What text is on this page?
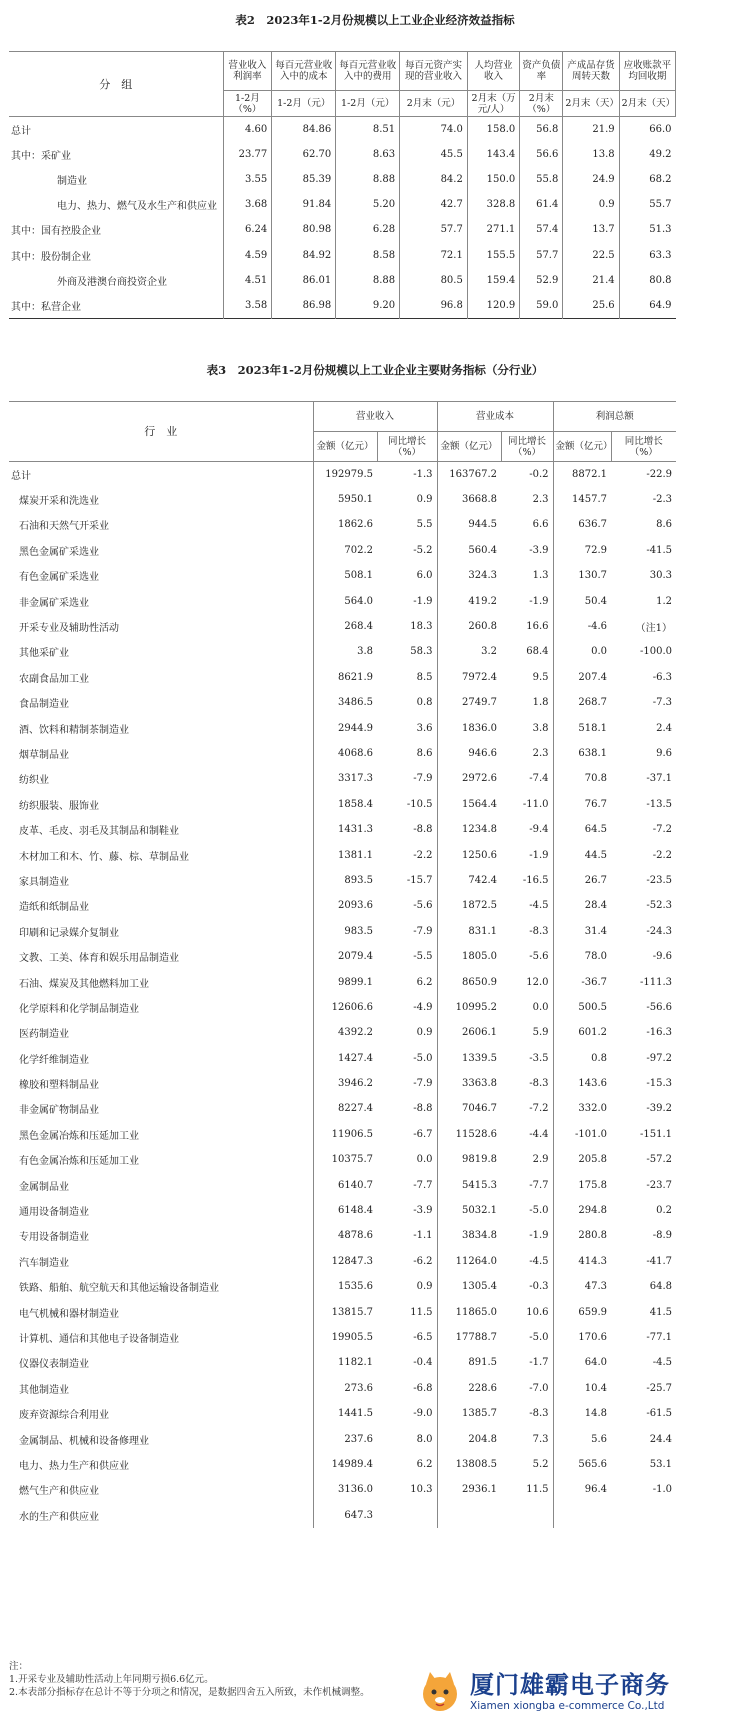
表2　2023年1-2月份规模以上工业企业经济效益指标
分　组	营业收入利润率	每百元营业收入中的成本	每百元营业收入中的费用	每百元资产实现的营业收入	人均营业收入	资产负债率	产成品存货周转天数	应收账款平均回收期
	1-2月（%）	1-2月（元）	1-2月（元）	2月末（元）	2月末（万元/人）	2月末（%）	2月末（天）	2月末（天）
总计	4.60	84.86	8.51	74.0	158.0	56.8	21.9	66.0
其中：采矿业	23.77	62.70	8.63	45.5	143.4	56.6	13.8	49.2
制造业	3.55	85.39	8.88	84.2	150.0	55.8	24.9	68.2
电力、热力、燃气及水生产和供应业	3.68	91.84	5.20	42.7	328.8	61.4	0.9	55.7
其中：国有控股企业	6.24	80.98	6.28	57.7	271.1	57.4	13.7	51.3
其中：股份制企业	4.59	84.92	8.58	72.1	155.5	57.7	22.5	63.3
外商及港澳台商投资企业	4.51	86.01	8.88	80.5	159.4	52.9	21.4	80.8
其中：私营企业	3.58	86.98	9.20	96.8	120.9	59.0	25.6	64.9
表3　2023年1-2月份规模以上工业企业主要财务指标（分行业）
行　业	营业收入		营业成本		利润总额	
	金额（亿元）	同比增长（%）	金额（亿元）	同比增长（%）	金额（亿元）	同比增长（%）
总计	192979.5	-1.3	163767.2	-0.2	8872.1	-22.9
煤炭开采和洗选业	5950.1	0.9	3668.8	2.3	1457.7	-2.3
石油和天然气开采业	1862.6	5.5	944.5	6.6	636.7	8.6
黑色金属矿采选业	702.2	-5.2	560.4	-3.9	72.9	-41.5
有色金属矿采选业	508.1	6.0	324.3	1.3	130.7	30.3
非金属矿采选业	564.0	-1.9	419.2	-1.9	50.4	1.2
开采专业及辅助性活动	268.4	18.3	260.8	16.6	-4.6	（注1）
其他采矿业	3.8	58.3	3.2	68.4	0.0	-100.0
农副食品加工业	8621.9	8.5	7972.4	9.5	207.4	-6.3
食品制造业	3486.5	0.8	2749.7	1.8	268.7	-7.3
酒、饮料和精制茶制造业	2944.9	3.6	1836.0	3.8	518.1	2.4
烟草制品业	4068.6	8.6	946.6	2.3	638.1	9.6
纺织业	3317.3	-7.9	2972.6	-7.4	70.8	-37.1
纺织服装、服饰业	1858.4	-10.5	1564.4	-11.0	76.7	-13.5
皮革、毛皮、羽毛及其制品和制鞋业	1431.3	-8.8	1234.8	-9.4	64.5	-7.2
木材加工和木、竹、藤、棕、草制品业	1381.1	-2.2	1250.6	-1.9	44.5	-2.2
家具制造业	893.5	-15.7	742.4	-16.5	26.7	-23.5
造纸和纸制品业	2093.6	-5.6	1872.5	-4.5	28.4	-52.3
印刷和记录媒介复制业	983.5	-7.9	831.1	-8.3	31.4	-24.3
文教、工美、体育和娱乐用品制造业	2079.4	-5.5	1805.0	-5.6	78.0	-9.6
石油、煤炭及其他燃料加工业	9899.1	6.2	8650.9	12.0	-36.7	-111.3
化学原料和化学制品制造业	12606.6	-4.9	10995.2	0.0	500.5	-56.6
医药制造业	4392.2	0.9	2606.1	5.9	601.2	-16.3
化学纤维制造业	1427.4	-5.0	1339.5	-3.5	0.8	-97.2
橡胶和塑料制品业	3946.2	-7.9	3363.8	-8.3	143.6	-15.3
非金属矿物制品业	8227.4	-8.8	7046.7	-7.2	332.0	-39.2
黑色金属冶炼和压延加工业	11906.5	-6.7	11528.6	-4.4	-101.0	-151.1
有色金属冶炼和压延加工业	10375.7	0.0	9819.8	2.9	205.8	-57.2
金属制品业	6140.7	-7.7	5415.3	-7.7	175.8	-23.7
通用设备制造业	6148.4	-3.9	5032.1	-5.0	294.8	0.2
专用设备制造业	4878.6	-1.1	3834.8	-1.9	280.8	-8.9
汽车制造业	12847.3	-6.2	11264.0	-4.5	414.3	-41.7
铁路、船舶、航空航天和其他运输设备制造业	1535.6	0.9	1305.4	-0.3	47.3	64.8
电气机械和器材制造业	13815.7	11.5	11865.0	10.6	659.9	41.5
计算机、通信和其他电子设备制造业	19905.5	-6.5	17788.7	-5.0	170.6	-77.1
仪器仪表制造业	1182.1	-0.4	891.5	-1.7	64.0	-4.5
其他制造业	273.6	-6.8	228.6	-7.0	10.4	-25.7
废弃资源综合利用业	1441.5	-9.0	1385.7	-8.3	14.8	-61.5
金属制品、机械和设备修理业	237.6	8.0	204.8	7.3	5.6	24.4
电力、热力生产和供应业	14989.4	6.2	13808.5	5.2	565.6	53.1
燃气生产和供应业	3136.0	10.3	2936.1	11.5	96.4	-1.0
水的生产和供应业	647.3					
注：
1.开采专业及辅助性活动上年同期亏损6.6亿元。
2.本表部分指标存在总计不等于分项之和情况，是数据四舍五入所致，未作机械调整。	厦门雄霸电子商务
Xiamen xiongba e-commerce Co.,Ltd
